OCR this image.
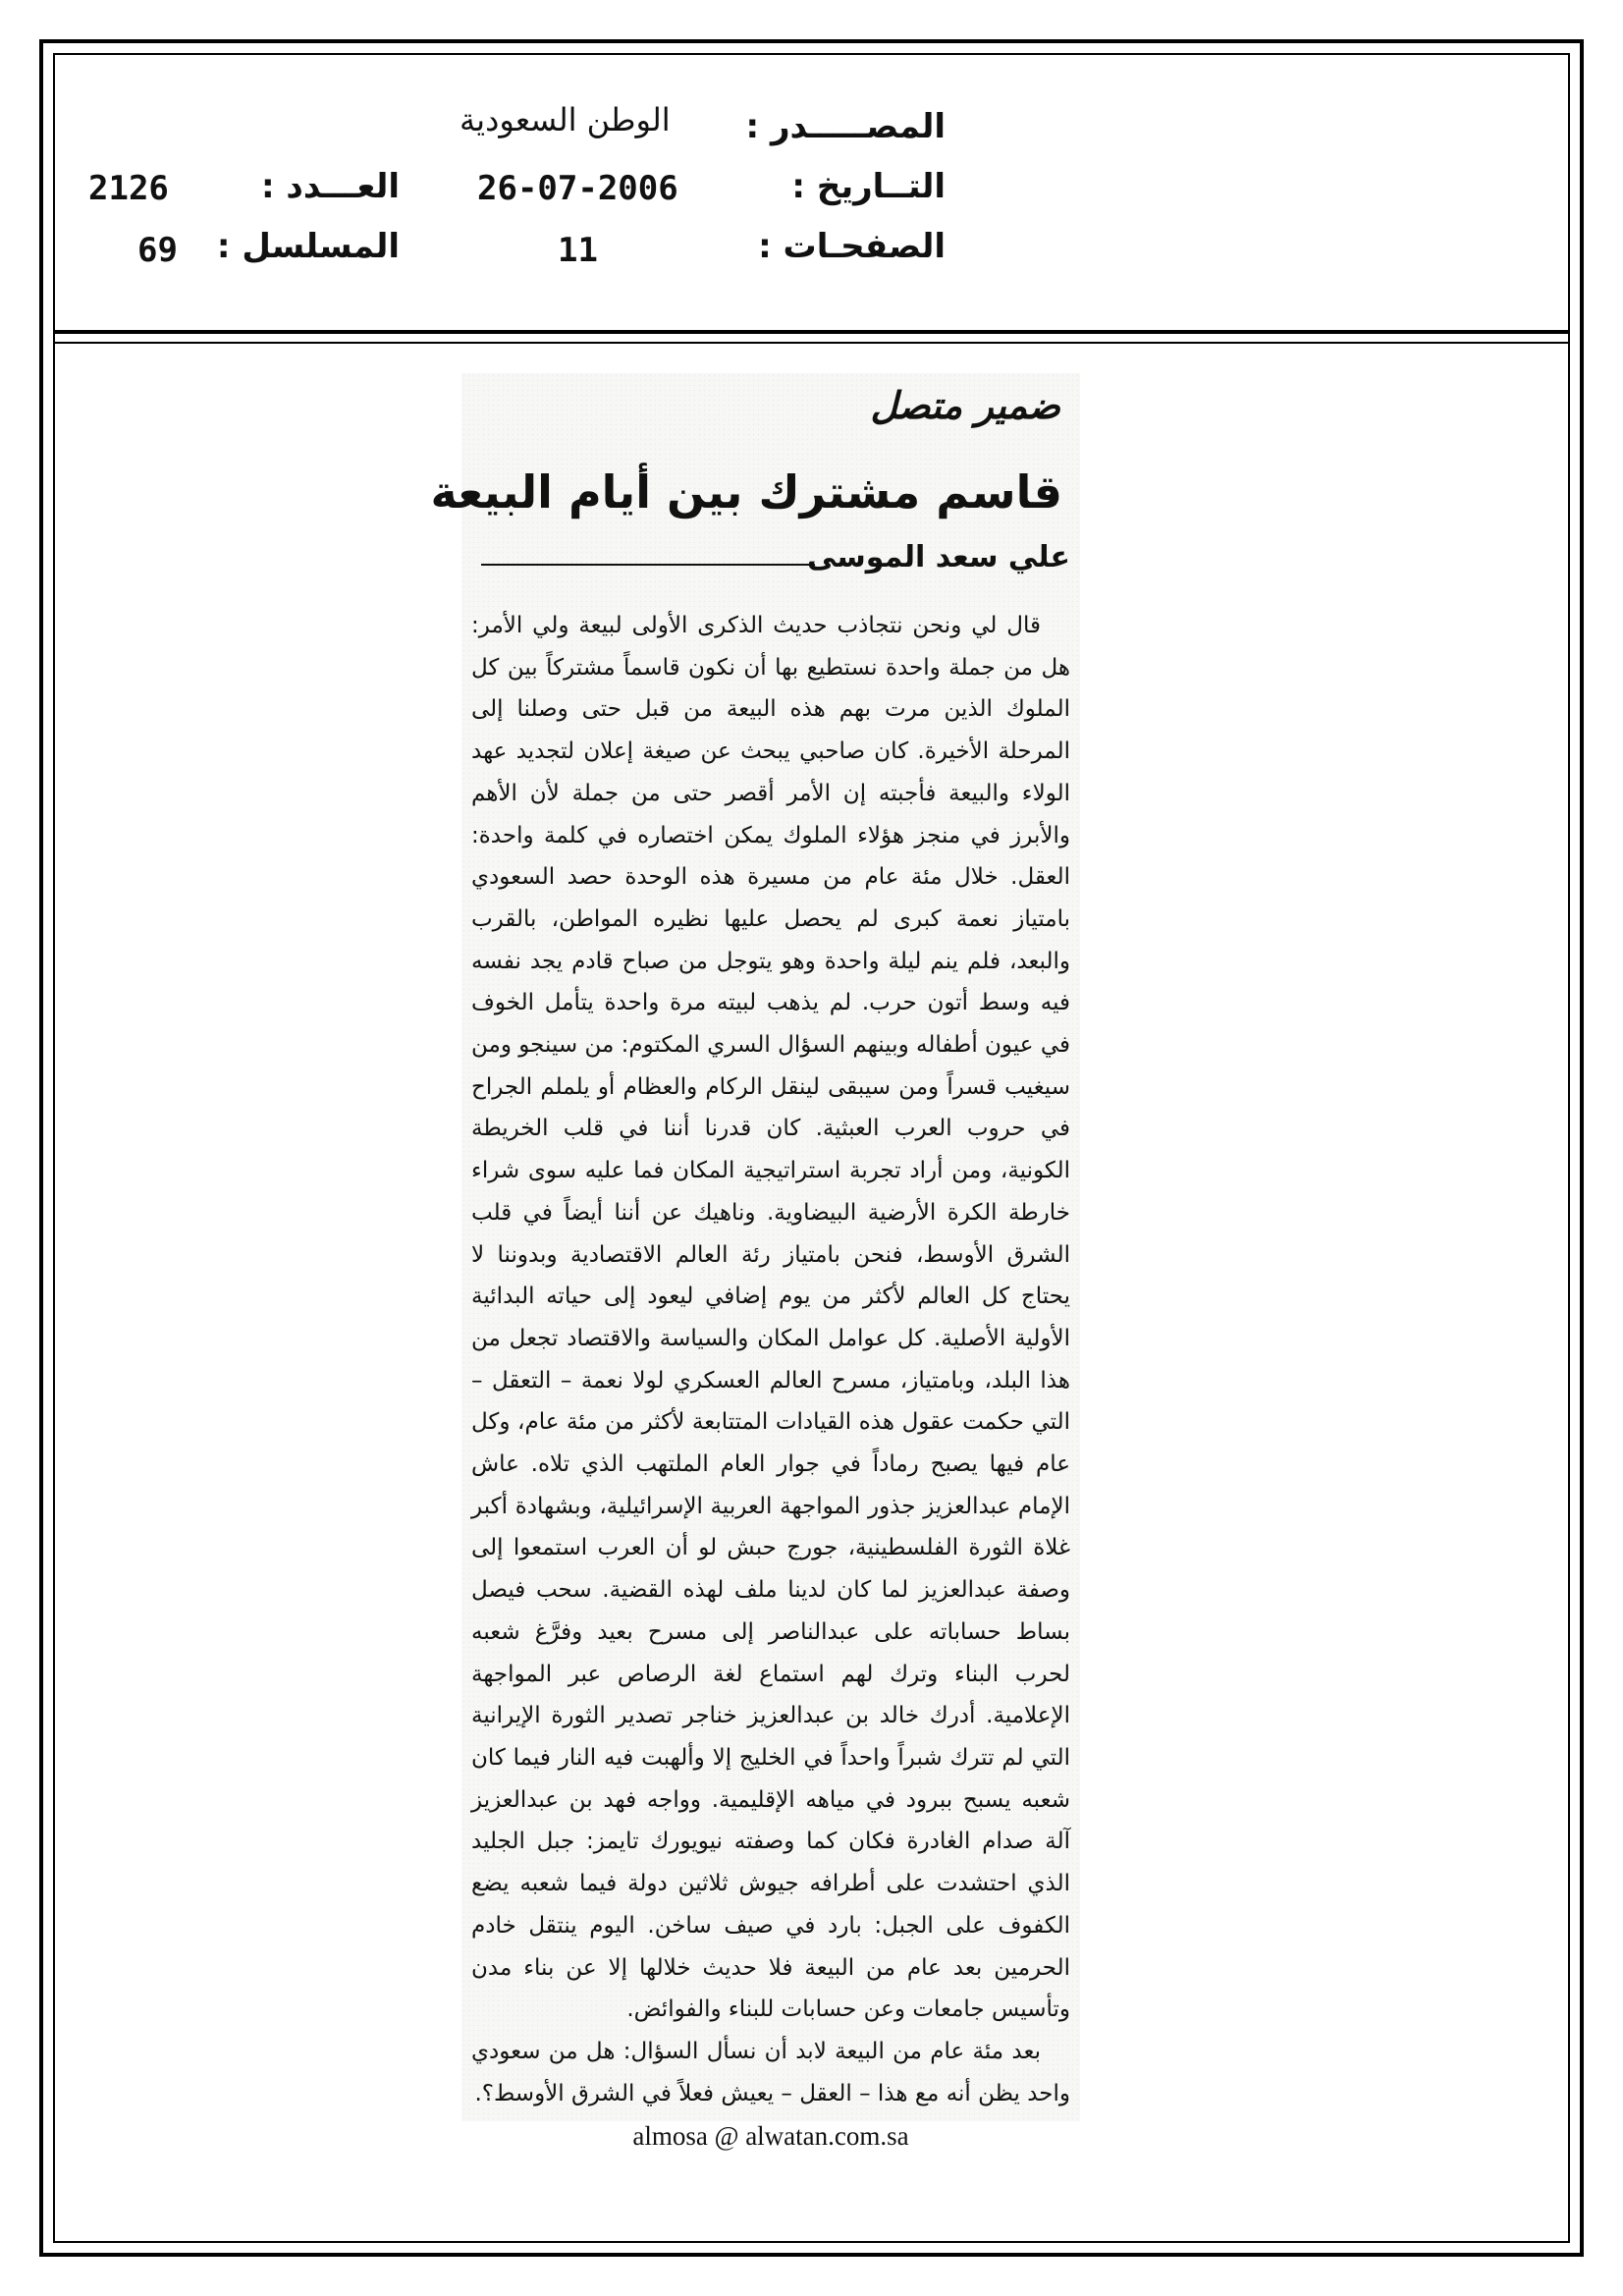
المصـــــدر :
التــاريخ :
الصفحـات :
الوطن السعودية
26-07-2006
11
العـــدد :
المسلسل :
2126
69
ضمير متصل
قاسم مشترك بين أيام البيعة
علي سعد الموسى

قال لي ونحن نتجاذب حديث الذكرى الأولى لبيعة ولي الأمر: هل من جملة واحدة نستطيع بها أن نكون قاسماً مشتركاً بين كل الملوك الذين مرت بهم هذه البيعة من قبل حتى وصلنا إلى المرحلة الأخيرة. كان صاحبي يبحث عن صيغة إعلان لتجديد عهد الولاء والبيعة فأجبته إن الأمر أقصر حتى من جملة لأن الأهم والأبرز في منجز هؤلاء الملوك يمكن اختصاره في كلمة واحدة: العقل. خلال مئة عام من مسيرة هذه الوحدة حصد السعودي بامتياز نعمة كبرى لم يحصل عليها نظيره المواطن، بالقرب والبعد، فلم ينم ليلة واحدة وهو يتوجل من صباح قادم يجد نفسه فيه وسط أتون حرب. لم يذهب لبيته مرة واحدة يتأمل الخوف في عيون أطفاله وبينهم السؤال السري المكتوم: من سينجو ومن سيغيب قسراً ومن سيبقى لينقل الركام والعظام أو يلملم الجراح في حروب العرب العبثية. كان قدرنا أننا في قلب الخريطة الكونية، ومن أراد تجربة استراتيجية المكان فما عليه سوى شراء خارطة الكرة الأرضية البيضاوية. وناهيك عن أننا أيضاً في قلب الشرق الأوسط، فنحن بامتياز رئة العالم الاقتصادية وبدوننا لا يحتاج كل العالم لأكثر من يوم إضافي ليعود إلى حياته البدائية الأولية الأصلية. كل عوامل المكان والسياسة والاقتصاد تجعل من هذا البلد، وبامتياز، مسرح العالم العسكري لولا نعمة – التعقل – التي حكمت عقول هذه القيادات المتتابعة لأكثر من مئة عام، وكل عام فيها يصبح رماداً في جوار العام الملتهب الذي تلاه. عاش الإمام عبدالعزيز جذور المواجهة العربية الإسرائيلية، وبشهادة أكبر غلاة الثورة الفلسطينية، جورج حبش لو أن العرب استمعوا إلى وصفة عبدالعزيز لما كان لدينا ملف لهذه القضية. سحب فيصل بساط حساباته على عبدالناصر إلى مسرح بعيد وفرَّغ شعبه لحرب البناء وترك لهم استماع لغة الرصاص عبر المواجهة الإعلامية. أدرك خالد بن عبدالعزيز خناجر تصدير الثورة الإيرانية التي لم تترك شبراً واحداً في الخليج إلا وألهبت فيه النار فيما كان شعبه يسبح ببرود في مياهه الإقليمية. وواجه فهد بن عبدالعزيز آلة صدام الغادرة فكان كما وصفته نيويورك تايمز: جبل الجليد الذي احتشدت على أطرافه جيوش ثلاثين دولة فيما شعبه يضع الكفوف على الجبل: بارد في صيف ساخن. اليوم ينتقل خادم الحرمين بعد عام من البيعة فلا حديث خلالها إلا عن بناء مدن وتأسيس جامعات وعن حسابات للبناء والفوائض.

بعد مئة عام من البيعة لابد أن نسأل السؤال: هل من سعودي واحد يظن أنه مع هذا – العقل – يعيش فعلاً في الشرق الأوسط؟.

almosa @ alwatan.com.sa
